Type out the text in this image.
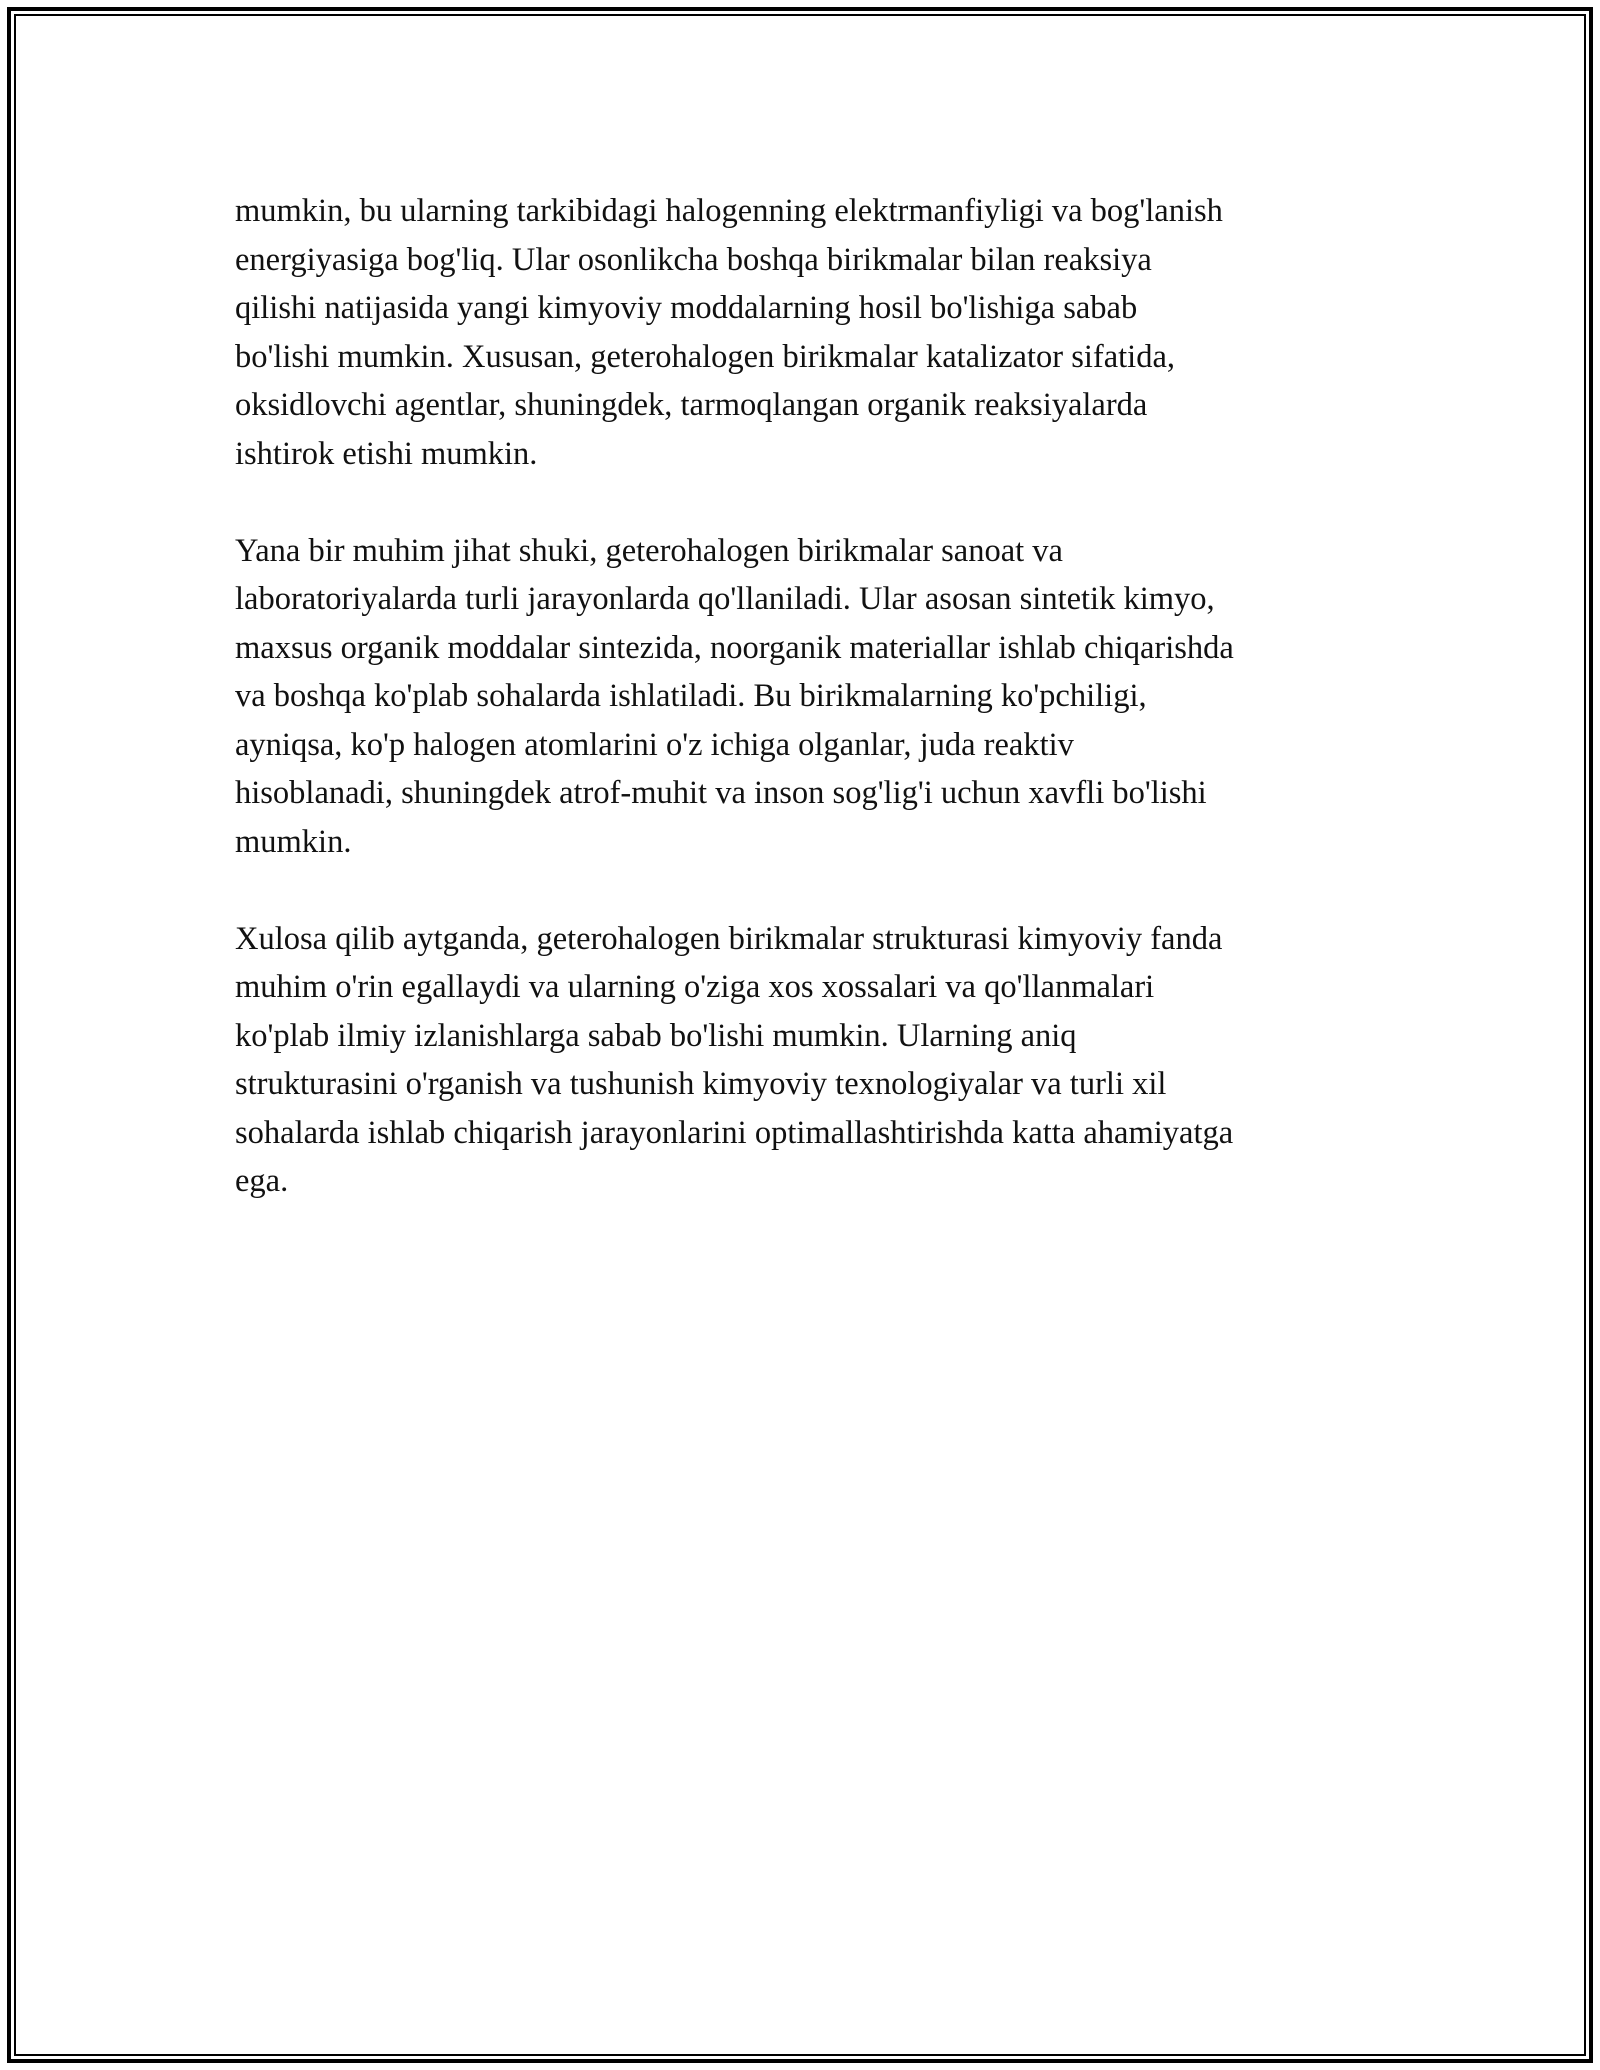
mumkin, bu ularning tarkibidagi halogenning elektrmanfiyligi va bog'lanish
energiyasiga bog'liq. Ular osonlikcha boshqa birikmalar bilan reaksiya
qilishi natijasida yangi kimyoviy moddalarning hosil bo'lishiga sabab
bo'lishi mumkin. Xususan, geterohalogen birikmalar katalizator sifatida,
oksidlovchi agentlar, shuningdek, tarmoqlangan organik reaksiyalarda
ishtirok etishi mumkin.

Yana bir muhim jihat shuki, geterohalogen birikmalar sanoat va
laboratoriyalarda turli jarayonlarda qo'llaniladi. Ular asosan sintetik kimyo,
maxsus organik moddalar sintezida, noorganik materiallar ishlab chiqarishda
va boshqa ko'plab sohalarda ishlatiladi. Bu birikmalarning ko'pchiligi,
ayniqsa, ko'p halogen atomlarini o'z ichiga olganlar, juda reaktiv
hisoblanadi, shuningdek atrof-muhit va inson sog'lig'i uchun xavfli bo'lishi
mumkin.

Xulosa qilib aytganda, geterohalogen birikmalar strukturasi kimyoviy fanda
muhim o'rin egallaydi va ularning o'ziga xos xossalari va qo'llanmalari
ko'plab ilmiy izlanishlarga sabab bo'lishi mumkin. Ularning aniq
strukturasini o'rganish va tushunish kimyoviy texnologiyalar va turli xil
sohalarda ishlab chiqarish jarayonlarini optimallashtirishda katta ahamiyatga
ega.
